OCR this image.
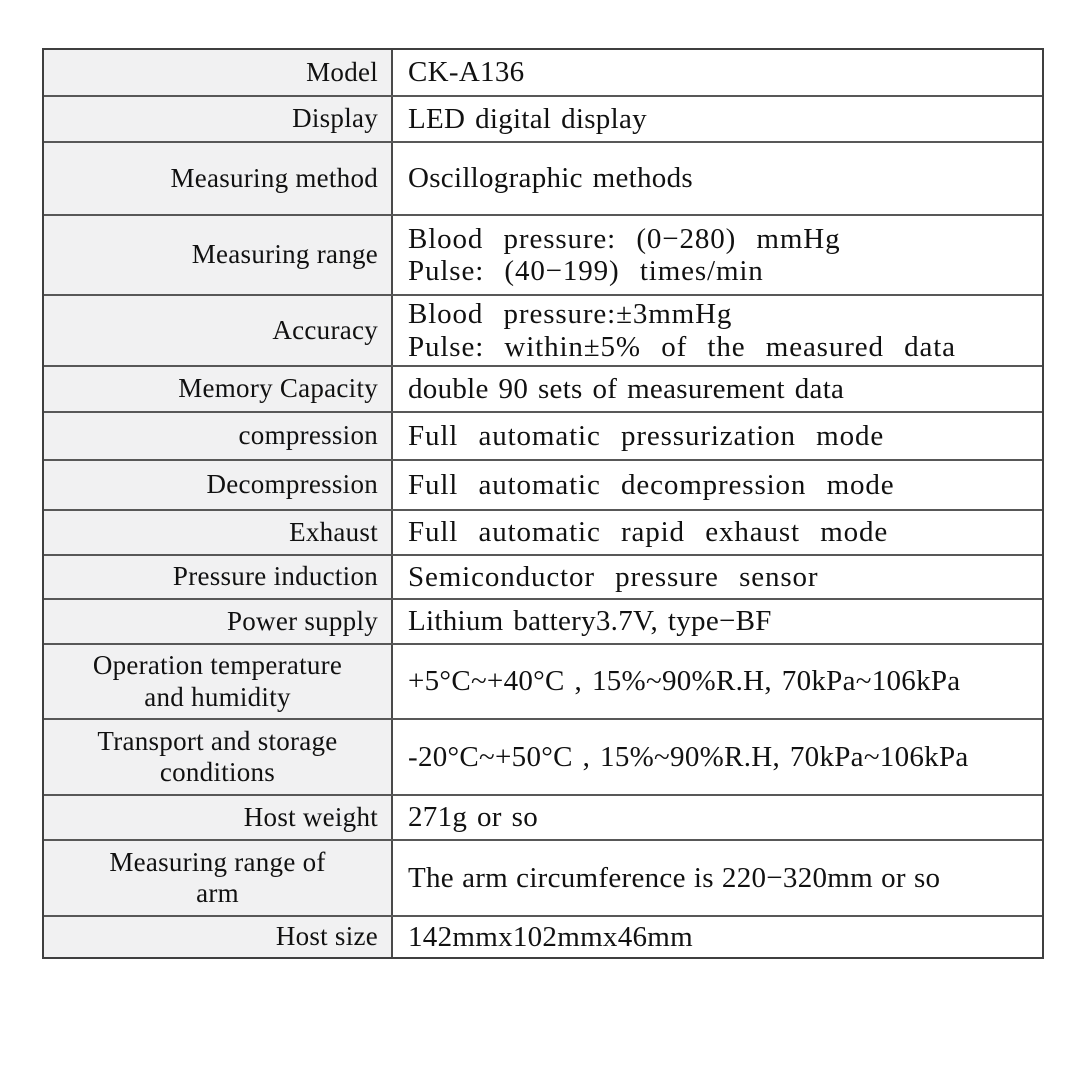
Model	CK-A136
Display	LED digital display
Measuring method	Oscillographic methods
Measuring range	Blood pressure: (0−280) mmHg
Pulse: (40−199) times/min
Accuracy	Blood pressure:±3mmHg
Pulse: within±5% of the measured data
Memory Capacity	double 90 sets of measurement data
compression	Full automatic pressurization mode
Decompression	Full automatic decompression mode
Exhaust	Full automatic rapid exhaust mode
Pressure induction	Semiconductor pressure sensor
Power supply	Lithium battery3.7V, type−BF
Operation temperature
and humidity	+5°C~+40°C , 15%~90%R.H, 70kPa~106kPa
Transport and storage
conditions	-20°C~+50°C , 15%~90%R.H, 70kPa~106kPa
Host weight	271g or so
Measuring range of
arm	The arm circumference is 220−320mm or so
Host size	142mmx102mmx46mm
